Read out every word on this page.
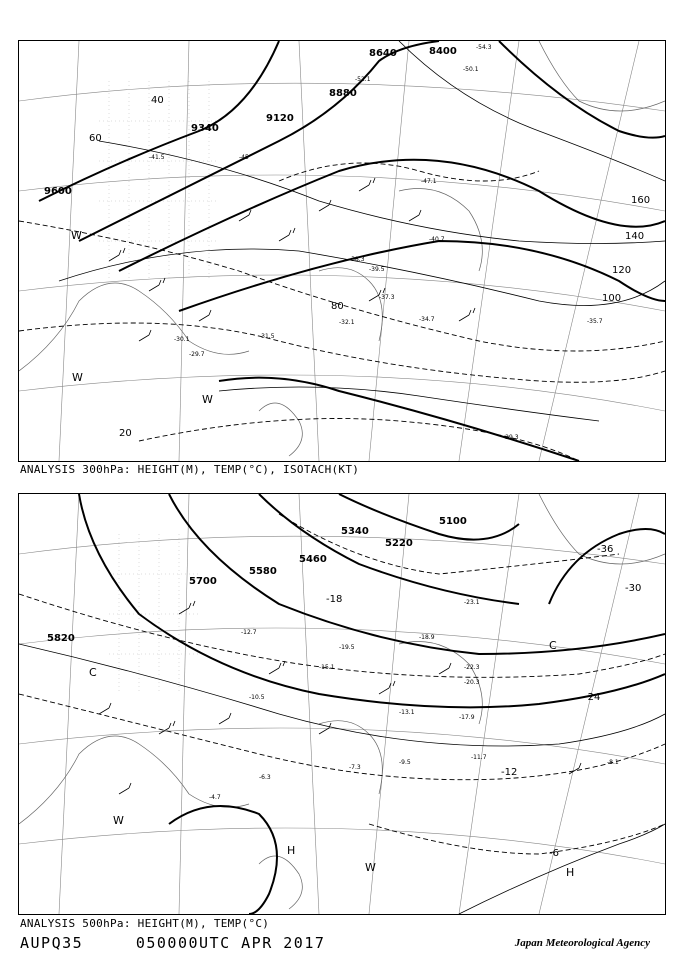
9600
9340
9120
8880
8640	8400
20
40
60
80
100
120
140
160
W
W
W
-54.3
-50.1
-52.1
-47.1
-45
-41.5
-40.7
-39.5
-37.3
-34.7
-32.1
-31.5
-29.3
-29.7
-30.1
-38.3
-35.7
ANALYSIS 300hPa: HEIGHT(M), TEMP(°C), ISOTACH(KT)
5820
5700
5580
5460
5340
5220
5100
-36
-30
-24
-18
-12
-6
C
C
H
H
W
W
-23.1
-20.3
-18.9
-17.9
-15.1
-13.1
-11.7
-10.5
-9.5
-7.3
-6.3
-4.7
-8.1
-12.7
-19.5
-22.3
ANALYSIS 500hPa: HEIGHT(M), TEMP(°C)
AUPQ35	050000UTC APR 2017	Japan Meteorological Agency
